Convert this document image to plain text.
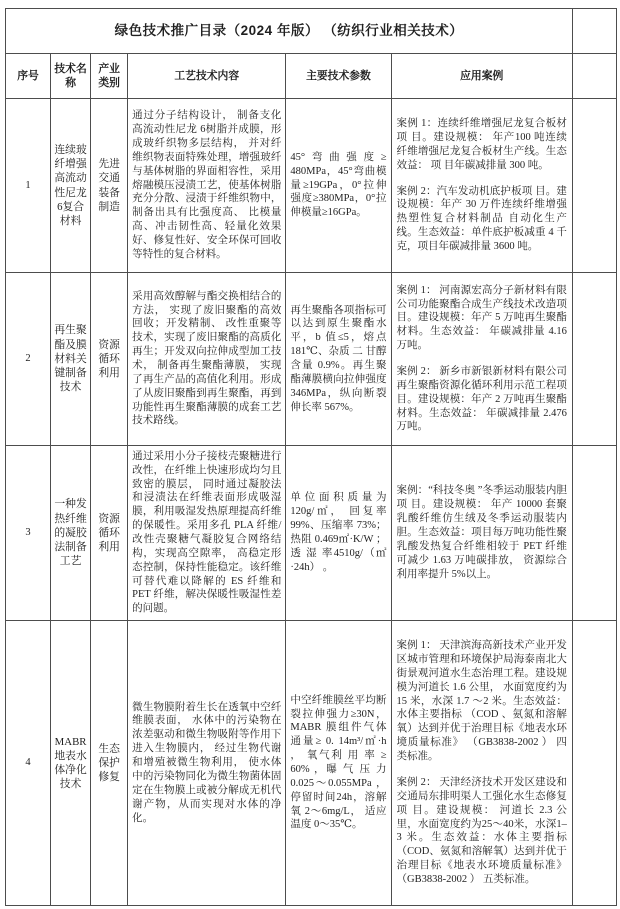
绿色技术推广目录（2024 年版） （纺织行业相关技术）						
序号	技术名称	产业类别	工艺技术内容	主要技术参数	应用案例	
1	连续玻纤增强高流动性尼龙6复合材料	先进交通装备制造	通过分子结构设计， 制备支化高流动性尼龙 6树脂并成膜，形成玻纤织物多层结构， 并对纤维织物表面特殊处理，增强玻纤与基体树脂的界面相容性，采用熔融模压浸渍工艺，使基体树脂充分分散、浸渍于纤维织物中， 制备出具有比强度高、 比模量高、冲击韧性高、轻量化效果好、修复性好、安全环保可回收等特性的复合材料。	45°弯曲强度≥ 480MPa，45°弯曲模量≥19GPa，0°拉伸强度≥380MPa，0°拉伸模量≥16GPa。	案例 1：连续纤维增强尼龙复合板材项 目。建设规模： 年产100 吨连续纤维增强尼龙复合板材生产线。生态效益： 项 目年碳减排量 300 吨。

案例 2：汽车发动机底护板项 目。建设规模：年产 30 万件连续纤维增强热塑性复合材料制品 自动化生产线。生态效益：单件底护板减重 4 千克，项目年碳减排量 3600 吨。	

2	再生聚酯及膜材料关键制备技术	资源循环利用	采用高效醇解与酯交换相结合的方法， 实现了废旧聚酯的高效回收；开发精制、 改性重聚等技术，实现了废旧聚酯的高质化再生；开发双向拉伸成型加工技术， 制备再生聚酯薄膜， 实现了再生产品的高值化利用。形成了从废旧聚酯到再生聚酯，再到功能性再生聚酯薄膜的成套工艺技术路线。	再生聚酯各项指标可以达到原生聚酯水平，b 值≤5，熔点 181℃、杂质 二 甘醇含量 0.9%。再生聚酯薄膜横向拉伸强度346MPa，纵向断裂伸长率 567%。	案例 1： 河南源宏高分子新材料有限公司功能聚酯合成生产线技术改造项目。建设规模：年产 5 万吨再生聚酯材料。生态效益： 年碳减排量 4.16 万吨。

案例 2： 新乡市新银新材料有限公司再生聚酯资源化循环利用示范工程项目。建设规模：年产 2 万吨再生聚酯材料。生态效益： 年碳减排量 2.476 万吨。	

3	一种发热纤维的凝胶法制备工艺	资源循环利用	通过采用小分子接枝壳聚糖进行改性，在纤维上快速形成均匀且致密的膜层， 同时通过凝胶法和浸渍法在纤维表面形成吸湿膜，利用吸湿发热原理提高纤维的保暖性。采用多孔 PLA 纤维/改性壳聚糖气凝胶复合网络结构，实现高空隙率， 高稳定形态控制，保持性能稳定。该纤维可替代难以降解的 ES 纤维和 PET 纤维，解决保暖性吸湿性差的问题。	单位面积质量为 120g/㎡， 回复率 99%、压缩率 73%； 热阻 0.469㎡·K/W ；透 湿 率4510g/（㎡·24h） 。	案例：“科技冬奥 ”冬季运动服装内胆项 目。建设规模： 年产 10000 套聚乳酸纤维仿生绒及冬季运动服装内胆。生态效益：项目每万吨功能性聚乳酸发热复合纤维相较于 PET 纤维可减少 1.63 万吨碳排放， 资源综合利用率提升 5%以上。	

4	MABR地表水体净化技术	生态保护修复	微生物膜附着生长在透氧中空纤维膜表面， 水体中的污染物在浓差驱动和微生物吸附等作用下进入生物膜内， 经过生物代谢和增殖被微生物利用， 使水体中的污染物同化为微生物菌体固定在生物膜上或被分解成无机代谢产物，从而实现对水体的净化。	中空纤维膜丝平均断裂拉伸强力≥30N，MABR 膜组件气体通量≥ 0. 14m³/㎡·h ， 氧气利 用 率 ≥ 60% ，曝 气 压 力0.025～0.055MPa ，停留时间24h，溶解氧 2～6mg/L， 适应温度 0～35℃。	案例 1： 天津滨海高新技术产业开发区城市管理和环境保护局海泰南北大街景观河道水生态治理工程。建设规模为河道长 1.6 公里， 水面宽度约为 15 米，水深 1.7 ～2 米。生态效益：水体主要指标 （COD 、氨氮和溶解氧）达到并优于治理目标《地表水环境质量标准》 （GB3838-2002 ） 四类标准。

案例 2： 天津经济技术开发区建设和交通局东排明渠人工强化水生态修复项 目。建设规模： 河道长 2.3 公里，水面宽度约为25～40米，水深1–3 米。生态效益：水体主要指标 （COD、氨氮和溶解氧）达到并优于治理目标《地表水环境质量标准》 （GB3838-2002 ） 五类标准。	
